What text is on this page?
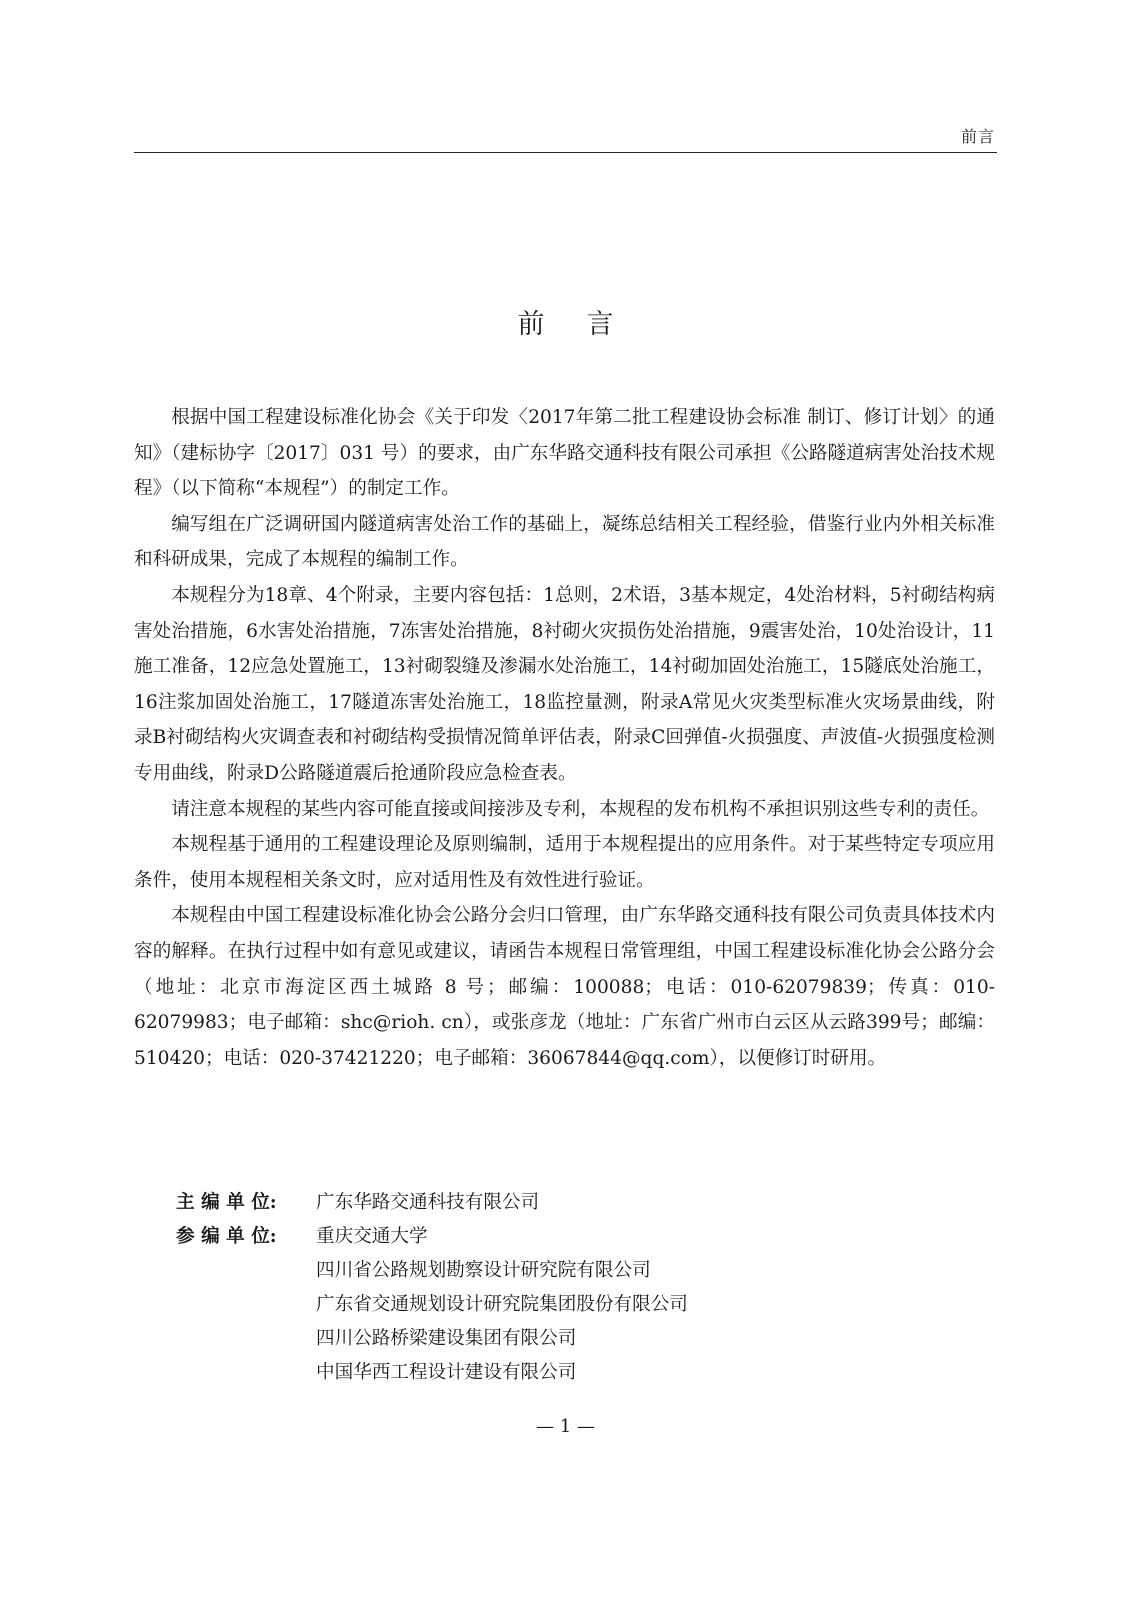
前言
前言

根据中国工程建设标准化协会《关于印发〈2017年第二批工程建设协会标准 制订、修订计划〉的通知》（建标协字〔2017〕031 号）的要求，由广东华路交通科技有限公司承担《公路隧道病害处治技术规程》（以下简称“本规程”）的制定工作。

编写组在广泛调研国内隧道病害处治工作的基础上，凝练总结相关工程经验，借鉴行业内外相关标准和科研成果，完成了本规程的编制工作。

本规程分为18章、4个附录，主要内容包括：1总则，2术语，3基本规定，4处治材料，5衬砌结构病害处治措施，6水害处治措施，7冻害处治措施，8衬砌火灾损伤处治措施，9震害处治，10处治设计，11施工准备，12应急处置施工，13衬砌裂缝及渗漏水处治施工，14衬砌加固处治施工，15隧底处治施工，16注浆加固处治施工，17隧道冻害处治施工，18监控量测，附录A常见火灾类型标准火灾场景曲线，附录B衬砌结构火灾调查表和衬砌结构受损情况简单评估表，附录C回弹值-火损强度、声波值-火损强度检测专用曲线，附录D公路隧道震后抢通阶段应急检查表。

请注意本规程的某些内容可能直接或间接涉及专利，本规程的发布机构不承担识别这些专利的责任。

本规程基于通用的工程建设理论及原则编制，适用于本规程提出的应用条件。对于某些特定专项应用条件，使用本规程相关条文时，应对适用性及有效性进行验证。

本规程由中国工程建设标准化协会公路分会归口管理，由广东华路交通科技有限公司负责具体技术内容的解释。在执行过程中如有意见或建议，请函告本规程日常管理组，中国工程建设标准化协会公路分会（地址：北京市海淀区西土城路 8 号；邮编：100088；电话：010-62079839；传真：010-62079983；电子邮箱：shc@rioh. cn），或张彦龙（地址：广东省广州市白云区从云路399号；邮编：510420；电话：020-37421220；电子邮箱：36067844@qq.com），以便修订时研用。

主 编 单 位:	广东华路交通科技有限公司
参 编 单 位:	重庆交通大学
四川省公路规划勘察设计研究院有限公司
广东省交通规划设计研究院集团股份有限公司
四川公路桥梁建设集团有限公司
中国华西工程设计建设有限公司
— 1 —
